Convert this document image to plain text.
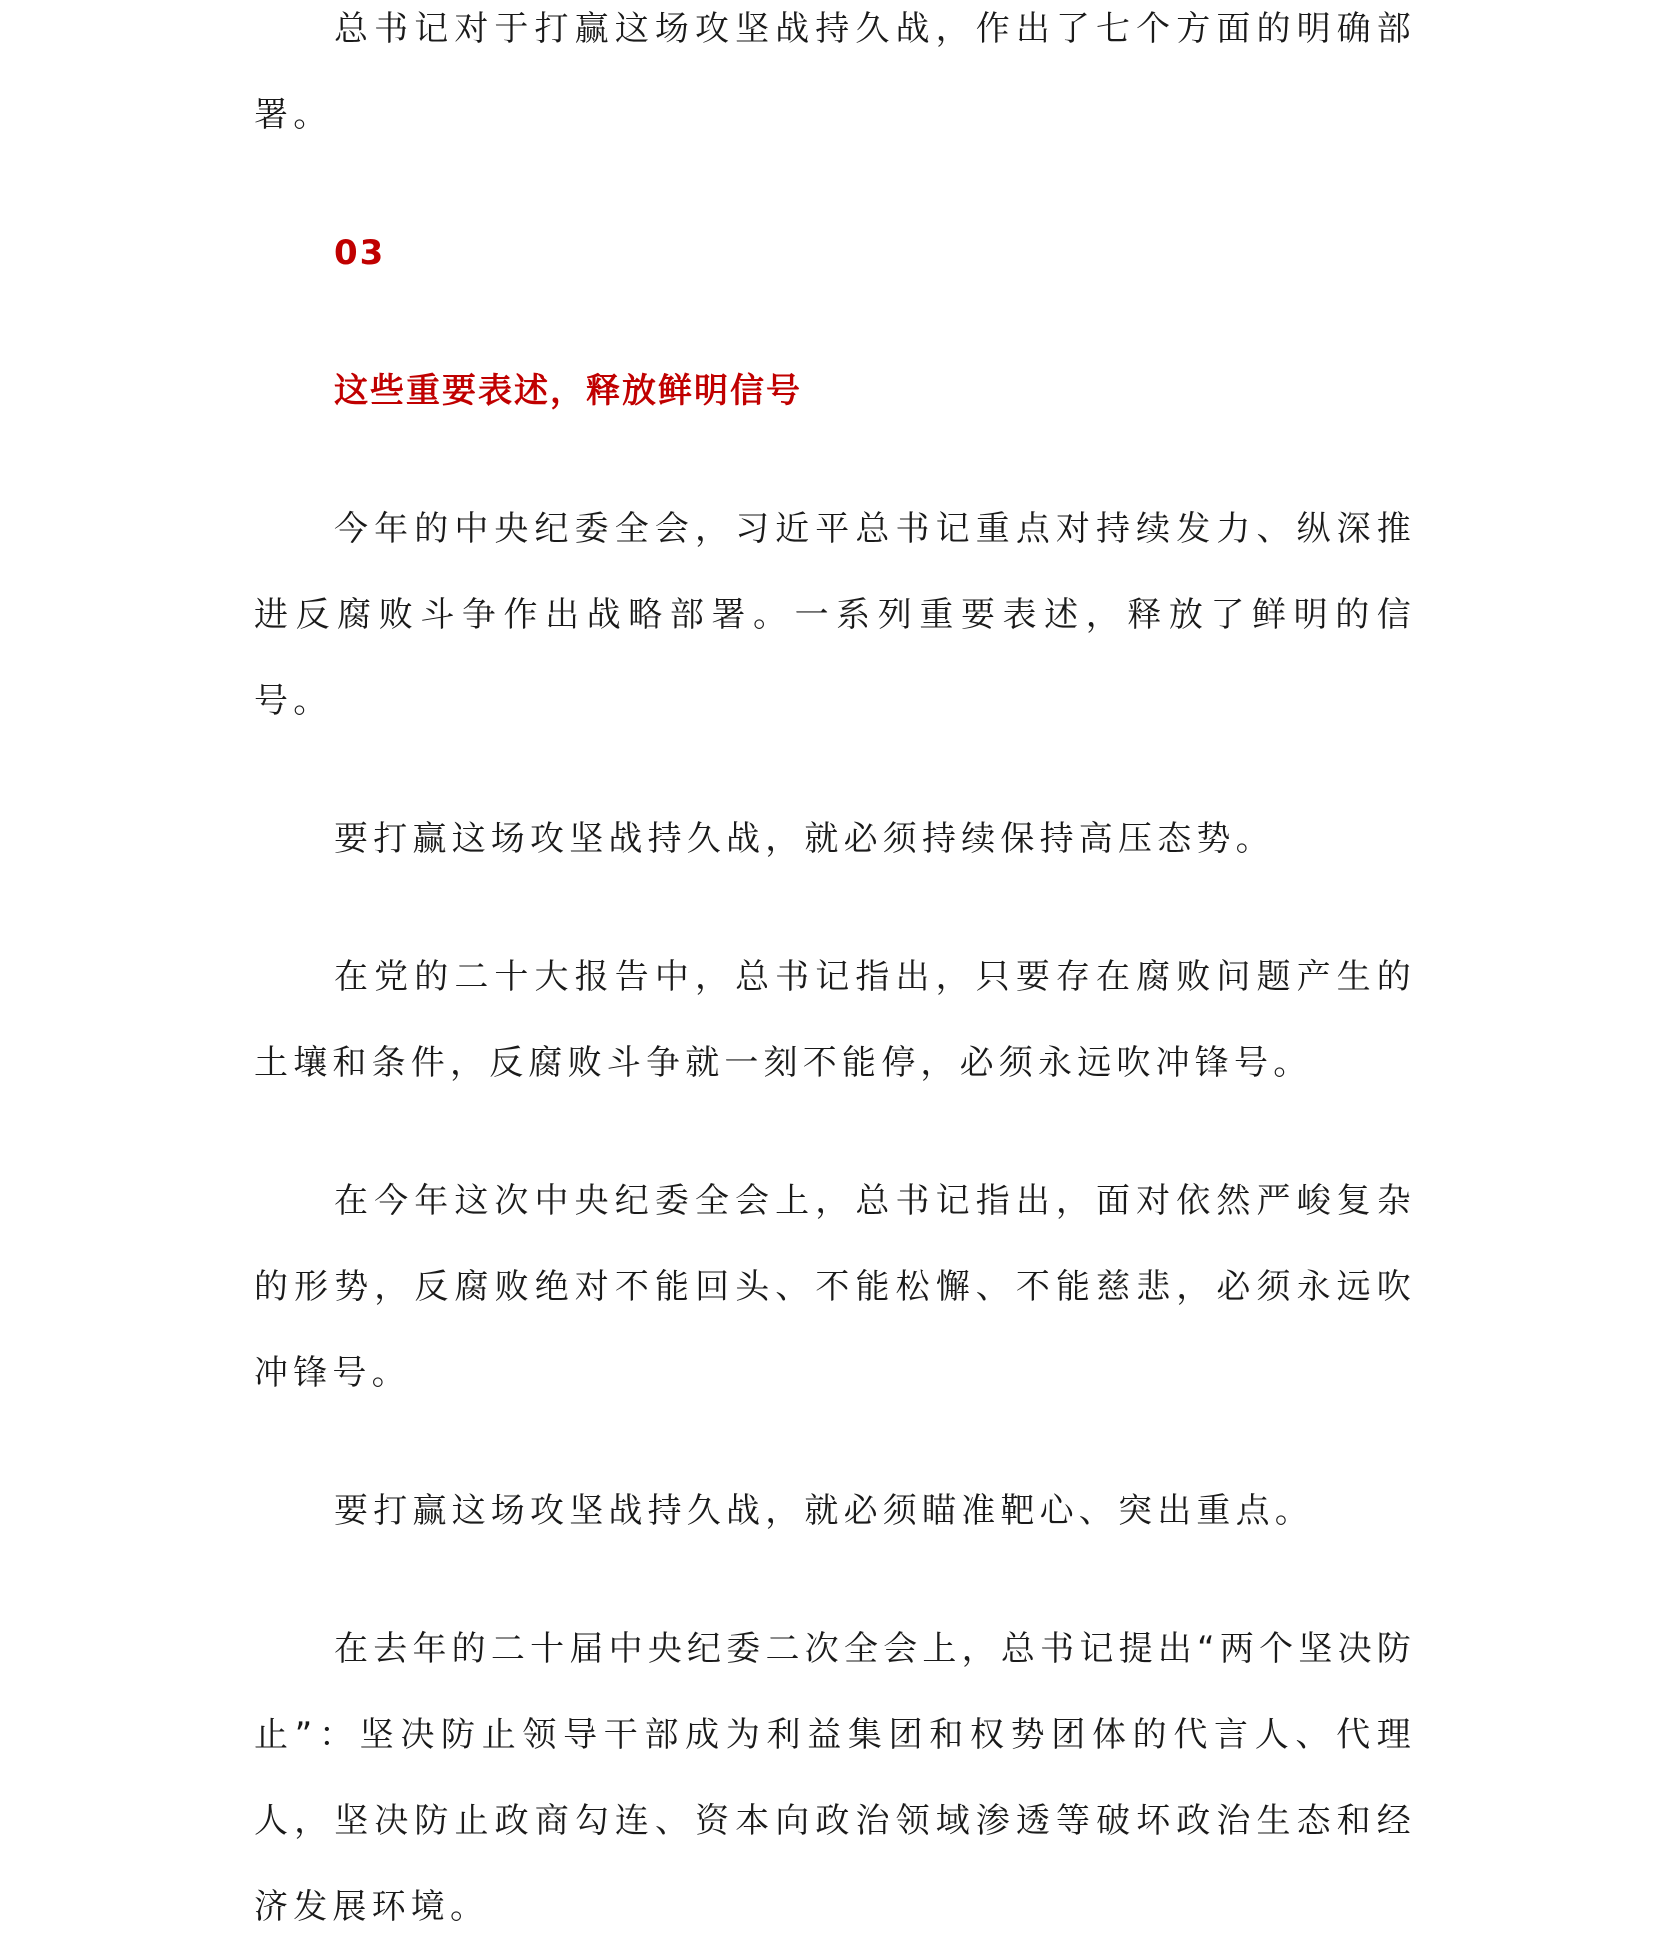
总书记对于打赢这场攻坚战持久战，作出了七个方面的明确部署。

03

这些重要表述，释放鲜明信号

今年的中央纪委全会，习近平总书记重点对持续发力、纵深推进反腐败斗争作出战略部署。一系列重要表述，释放了鲜明的信号。

要打赢这场攻坚战持久战，就必须持续保持高压态势。

在党的二十大报告中，总书记指出，只要存在腐败问题产生的土壤和条件，反腐败斗争就一刻不能停，必须永远吹冲锋号。

在今年这次中央纪委全会上，总书记指出，面对依然严峻复杂的形势，反腐败绝对不能回头、不能松懈、不能慈悲，必须永远吹冲锋号。

要打赢这场攻坚战持久战，就必须瞄准靶心、突出重点。

在去年的二十届中央纪委二次全会上，总书记提出“两个坚决防止”：坚决防止领导干部成为利益集团和权势团体的代言人、代理人，坚决防止政商勾连、资本向政治领域渗透等破坏政治生态和经济发展环境。
